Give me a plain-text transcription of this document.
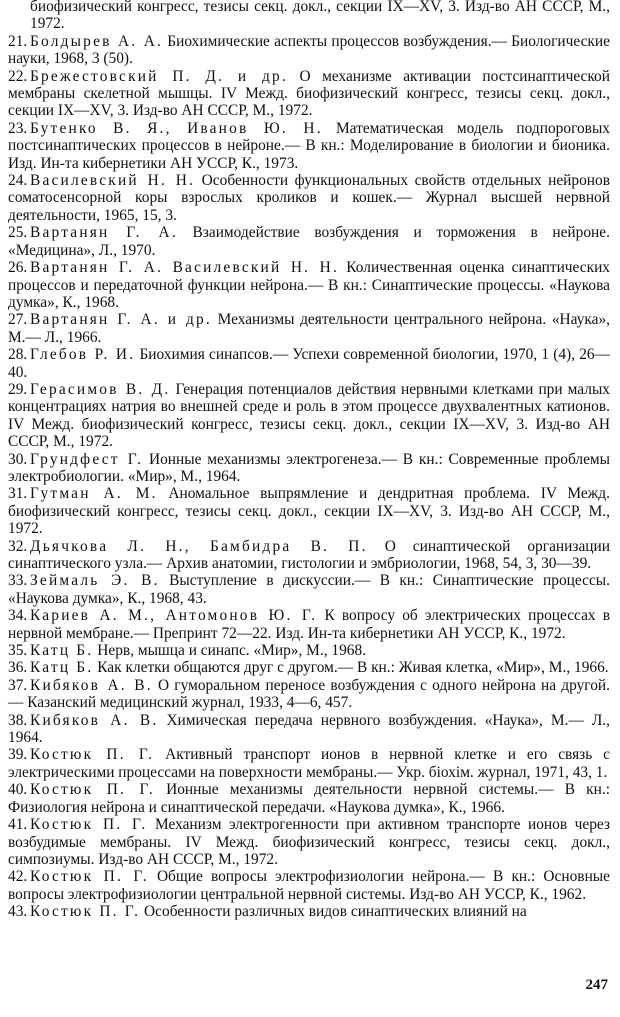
биофизический конгресс, тезисы секц. докл., секции IX—XV, 3. Изд-во АН СССР, М., 1972.
21. Болдырев А. А. Биохимические аспекты процессов возбуждения.— Биологические науки, 1968, 3 (50).
22. Брежестовский П. Д. и др. О механизме активации постсинаптической мембраны скелетной мышцы. IV Межд. биофизический конгресс, тезисы секц. докл., секции IX—XV, 3. Изд-во АН СССР, М., 1972.
23. Бутенко В. Я., Иванов Ю. Н. Математическая модель подпороговых постсинаптических процессов в нейроне.— В кн.: Моделирование в биологии и бионика. Изд. Ин-та кибернетики АН УССР, К., 1973.
24. Василевский Н. Н. Особенности функциональных свойств отдельных нейронов соматосенсорной коры взрослых кроликов и кошек.— Журнал высшей нервной деятельности, 1965, 15, 3.
25. Вартанян Г. А. Взаимодействие возбуждения и торможения в нейроне. «Медицина», Л., 1970.
26. Вартанян Г. А. Василевский Н. Н. Количественная оценка синаптических процессов и передаточной функции нейрона.— В кн.: Синаптические процессы. «Наукова думка», К., 1968.
27. Вартанян Г. А. и др. Механизмы деятельности центрального нейрона. «Наука», М.— Л., 1966.
28. Глебов Р. И. Биохимия синапсов.— Успехи современной биологии, 1970, 1 (4), 26—40.
29. Герасимов В. Д. Генерация потенциалов действия нервными клетками при малых концентрациях натрия во внешней среде и роль в этом процессе двухвалентных катионов. IV Межд. биофизический конгресс, тезисы секц. докл., секции IX—XV, 3. Изд-во АН СССР, М., 1972.
30. Грундфест Г. Ионные механизмы электрогенеза.— В кн.: Современные проблемы электробиологии. «Мир», М., 1964.
31. Гутман А. М. Аномальное выпрямление и дендритная проблема. IV Межд. биофизический конгресс, тезисы секц. докл., секции IX—XV, 3. Изд-во АН СССР, М., 1972.
32. Дьячкова Л. Н., Бамбидра В. П. О синаптической организации синаптического узла.— Архив анатомии, гистологии и эмбриологии, 1968, 54, 3, 30—39.
33. Зеймаль Э. В. Выступление в дискуссии.— В кн.: Синаптические процессы. «Наукова думка», К., 1968, 43.
34. Кариев А. М., Антомонов Ю. Г. К вопросу об электрических процессах в нервной мембране.— Препринт 72—22. Изд. Ин-та кибернетики АН УССР, К., 1972.
35. Катц Б. Нерв, мышца и синапс. «Мир», М., 1968.
36. Катц Б. Как клетки общаются друг с другом.— В кн.: Живая клетка, «Мир», М., 1966.
37. Кибяков А. В. О гуморальном переносе возбуждения с одного нейрона на другой.— Казанский медицинский журнал, 1933, 4—6, 457.
38. Кибяков А. В. Химическая передача нервного возбуждения. «Наука», М.— Л., 1964.
39. Костюк П. Г. Активный транспорт ионов в нервной клетке и его связь с электрическими процессами на поверхности мембраны.— Укр. біохім. журнал, 1971, 43, 1.
40. Костюк П. Г. Ионные механизмы деятельности нервной системы.— В кн.: Физиология нейрона и синаптической передачи. «Наукова думка», К., 1966.
41. Костюк П. Г. Механизм электрогенности при активном транспорте ионов через возбудимые мембраны. IV Межд. биофизический конгресс, тезисы секц. докл., симпозиумы. Изд-во АН СССР, М., 1972.
42. Костюк П. Г. Общие вопросы электрофизиологии нейрона.— В кн.: Основные вопросы электрофизиологии центральной нервной системы. Изд-во АН УССР, К., 1962.
43. Костюк П. Г. Особенности различных видов синаптических влияний на
247
